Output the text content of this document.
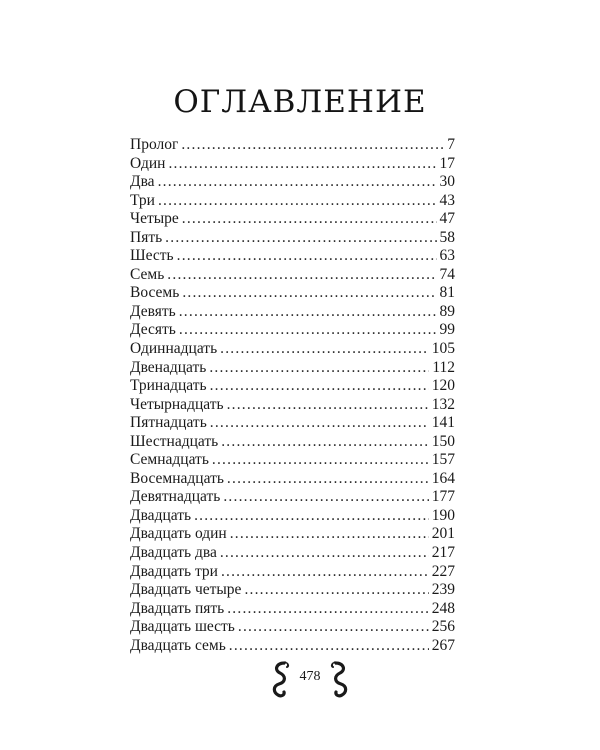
ОГЛАВЛЕНИЕ
Пролог .....	7
Один .....	17
Два .....	30
Три .....	43
Четыре .....	47
Пять .....	58
Шесть .....	63
Семь .....	74
Восемь .....	81
Девять .....	89
Десять .....	99
Одиннадцать .....	105
Двенадцать .....	112
Тринадцать .....	120
Четырнадцать .....	132
Пятнадцать .....	141
Шестнадцать .....	150
Семнадцать .....	157
Восемнадцать .....	164
Девятнадцать .....	177
Двадцать .....	190
Двадцать один .....	201
Двадцать два .....	217
Двадцать три .....	227
Двадцать четыре .....	239
Двадцать пять .....	248
Двадцать шесть .....	256
Двадцать семь .....	267
478
